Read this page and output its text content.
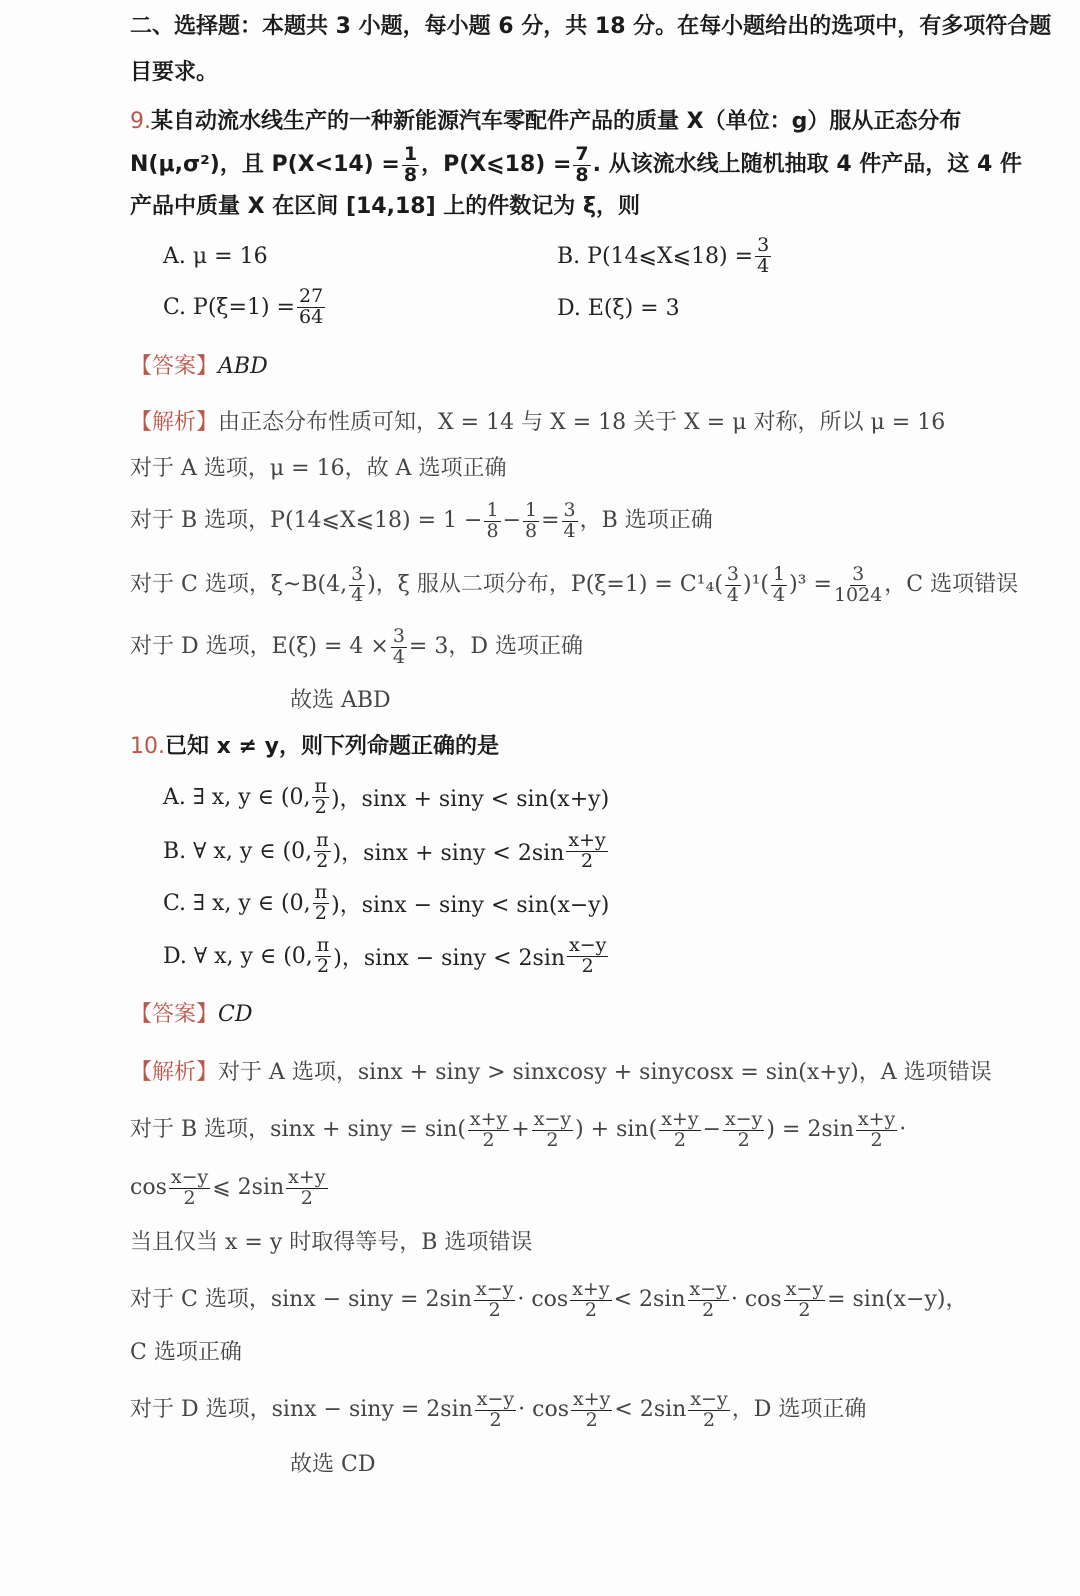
二、选择题：本题共 3 小题，每小题 6 分，共 18 分。在每小题给出的选项中，有多项符合题
目要求。
9.某自动流水线生产的一种新能源汽车零配件产品的质量 X（单位：g）服从正态分布
N(μ,σ²)，且 $P(X<14) = \frac{1}{8}$ ，P(X⩽18) = $\frac{7}{8}$ . 从该流水线上随机抽取 4 件产品，这 4 件
产品中质量 X 在区间 [14,18] 上的件数记为 ξ，则
A. μ = 16	B. P(14⩽X⩽18) = $\frac{3}{4}$
C. $P(\xi=1) = \frac{27}{64}$	D. E(ξ) = 3
【答案】ABD
【解析】由正态分布性质可知，X = 14 与 X = 18 关于 X = μ 对称，所以 μ = 16
对于 A 选项，μ = 16，故 A 选项正确
对于 B 选项，P(14⩽X⩽18) = $1 - \frac{1}{8} - \frac{1}{8} = \frac{3}{4}$ ，B 选项正确
对于 C 选项，ξ~B(4, 3
4 )，ξ 服从二项分布，P(ξ=1) = C¹₄( 3
4 )¹( 1
4 )$^3 = \frac{3}{1024}$ ，C 选项错误
对于 D 选项，$E(\xi) = 4 \times \frac{3}{4} = 3$，D 选项正确
故选 ABD
10.已知 x ≠ y，则下列命题正确的是
A. ∃ x, y ∈ (0, π
2 )，sinx + siny < sin(x+y)
B. ∀ x, y ∈ (0, π
2 )，sinx + siny < 2sin
x+y
2
C. ∃ x, y ∈ (0, π
2 )，sinx − siny < sin(x−y)
D. ∀ x, y ∈ (0, π
2 )，sinx − siny < 2sin
x−y
2
【答案】CD
【解析】对于 A 选项，sinx + siny > sinxcosy + sinycosx = sin(x+y)，A 选项错误
对于 B 选项，sinx + siny = sin( x+y
$2 + \frac{x-y}{2}$ ) + sin( x+y
$2 - \frac{x-y}{2}$ ) = 2sin x+y
2 ·
cos x−y
2 ⩽ 2sin x+y
2
当且仅当 x = y 时取得等号，B 选项错误
对于 C 选项，sinx − siny = 2sin x−y
2 · cos x+y
2 < 2sin x−y
$2 \cdot \cos \frac{x-y}{2} = \sin(x-y)$，
C 选项正确
对于 D 选项，sinx − siny = 2sin x−y
2 · cos x+y
2 < 2sin x−y
2 ，D 选项正确
故选 CD
